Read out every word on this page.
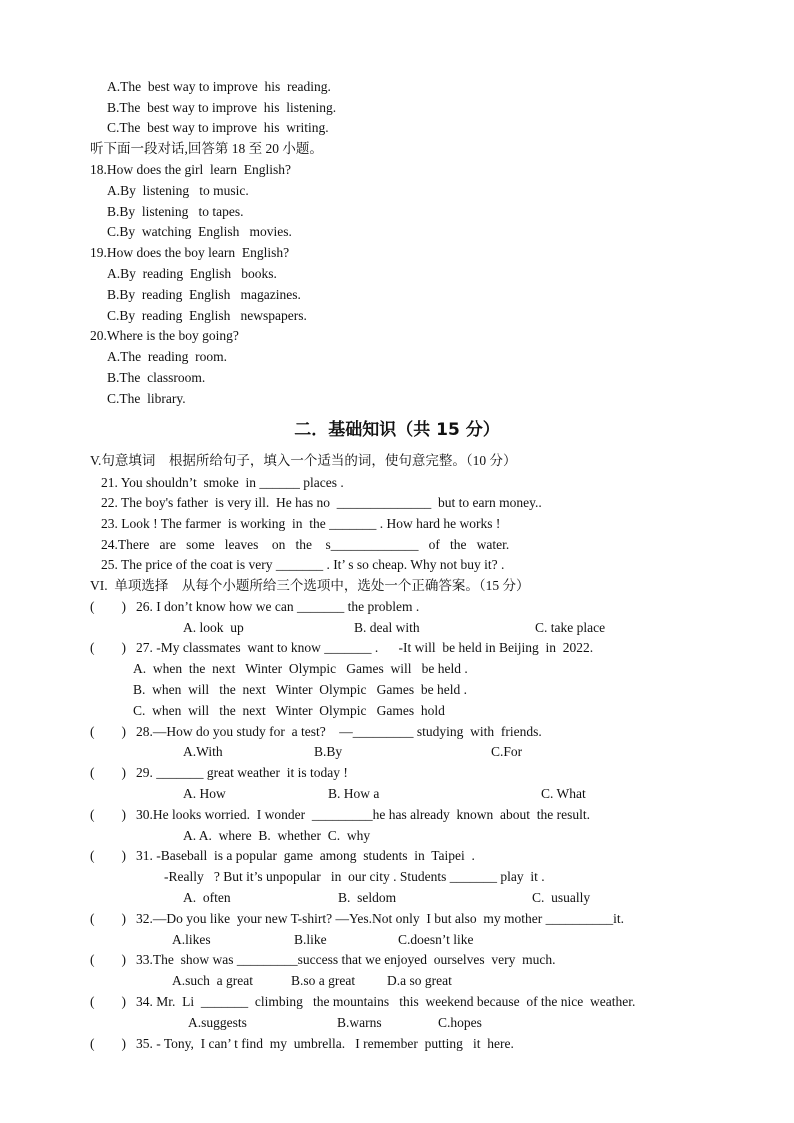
A.The  best way to improve  his  reading.
B.The  best way to improve  his  listening.
C.The  best way to improve  his  writing.
听下面一段对话,回答第 18 至 20 小题。
18.How does the girl  learn  English?
A.By  listening   to music.
B.By  listening   to tapes.
C.By  watching  English   movies.
19.How does the boy learn  English?
A.By  reading  English   books.
B.By  reading  English   magazines.
C.By  reading  English   newspapers.
20.Where is the boy going?
A.The  reading  room.
B.The  classroom.
C.The  library.
二．基础知识（共 15 分）
V.句意填词    根据所给句子，填入一个适当的词，使句意完整。（10 分）
21. You shouldn’t  smoke  in ______ places .
22. The boy's father  is very ill.  He has no  ______________  but to earn money..
23. Look ! The farmer  is working  in  the _______ . How hard he works !
24.There   are   some   leaves    on   the    s_____________   of   the   water.
25. The price of the coat is very _______ . It’ s so cheap. Why not buy it? .
VI.  单项选择    从每个小题所给三个选项中，选处一个正确答案。（15 分）
(        ) 26. I don’t know how we can _______ the problem .
A. look  up	B. deal with	C. take place
(        ) 27. -My classmates  want to know _______ .      -It will  be held in Beijing  in  2022.
A.  when  the  next   Winter  Olympic   Games  will   be held .
B.  when  will   the  next   Winter  Olympic   Games  be held .
C.  when  will   the  next   Winter  Olympic   Games  hold
(        ) 28.—How do you study for  a test?    —_________ studying  with  friends.
A.With	B.By	C.For
(        ) 29. _______ great weather  it is today !
A. How	B. How a	C. What
(        ) 30.He looks worried.  I wonder  _________he has already  known  about  the result.
A. A.  where  B.  whether  C.  why
(        ) 31. -Baseball  is a popular  game  among  students  in  Taipei  .
-Really   ? But it’s unpopular   in  our city . Students _______ play  it .
A.  often	B.  seldom	C.  usually
(        ) 32.—Do you like  your new T-shirt? —Yes.Not only  I but also  my mother __________it.
A.likes	B.like	C.doesn’t like
(        ) 33.The  show was _________success that we enjoyed  ourselves  very  much.
A.such  a great	B.so a great D.a so great
(        ) 34. Mr.  Li  _______  climbing   the mountains   this  weekend because  of the nice  weather.
A.suggests	B.warns	C.hopes
(        ) 35. - Tony,  I can’ t find  my  umbrella.   I remember  putting   it  here.
